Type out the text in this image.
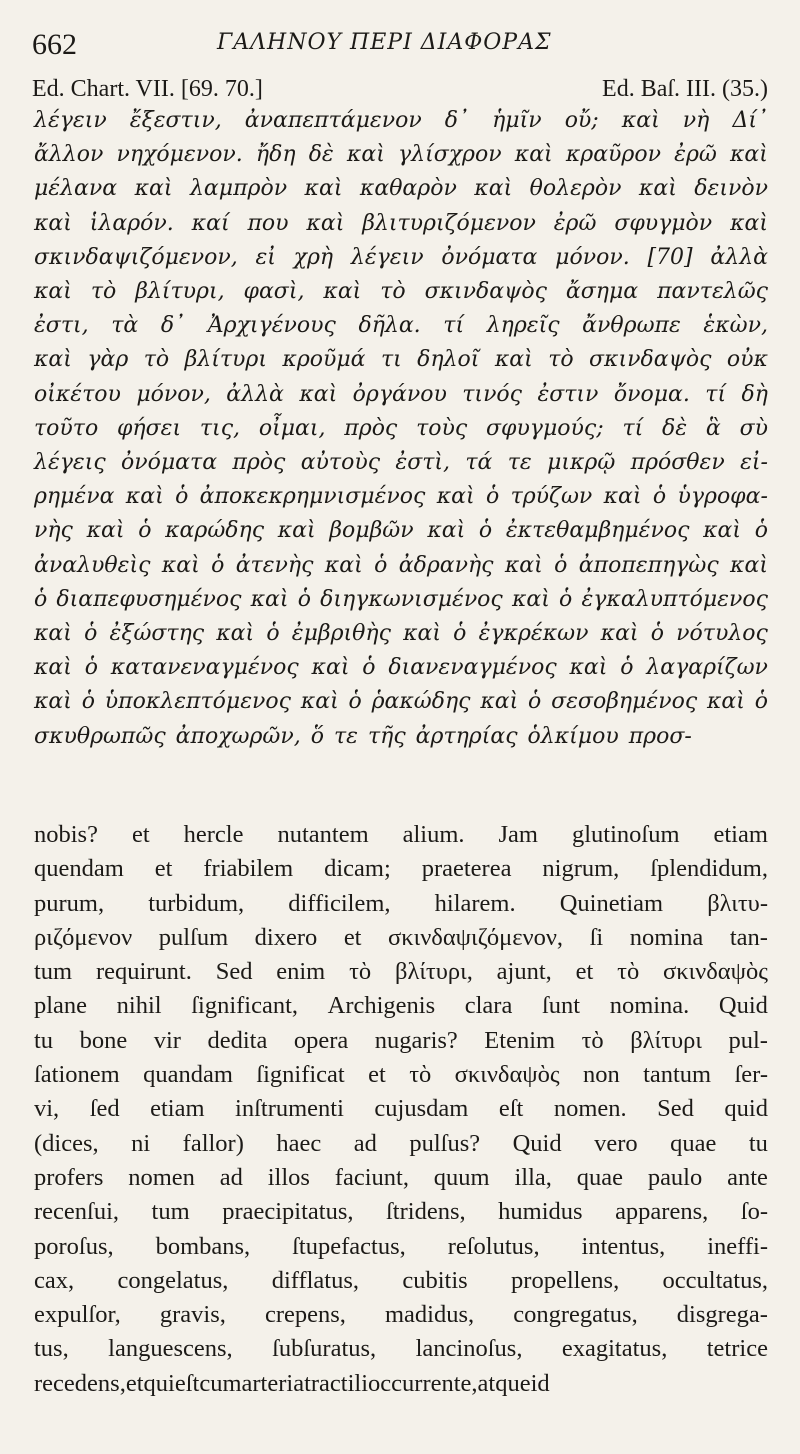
662	ΓΑΛΗΝΟΥ ΠΕΡΙ ΔΙΑΦΟΡΑΣ
Ed. Chart. VII. [69. 70.]	Ed. Baſ. III. (35.)
λέγειν ἔξεστιν, ἀναπεπτάμενον δ᾽ ἡμῖν οὔ; καὶ νὴ Δί᾽
ἄλλον νηχόμενον. ἤδη δὲ καὶ γλίσχρον καὶ κραῦρον ἐρῶ καὶ
μέλανα καὶ λαμπρὸν καὶ καθαρὸν καὶ θολερὸν καὶ δεινὸν
καὶ ἱλαρόν. καί που καὶ βλιτυριζόμενον ἐρῶ σφυγμὸν καὶ
σκινδαψιζόμενον, εἰ χρὴ λέγειν ὀνόματα μόνον. [70] ἀλλὰ
καὶ τὸ βλίτυρι, φασὶ, καὶ τὸ σκινδαψὸς ἄσημα παντελῶς
ἐστι, τὰ δ᾽ Ἀρχιγένους δῆλα. τί ληρεῖς ἄνθρωπε ἑκὼν,
καὶ γὰρ τὸ βλίτυρι κροῦμά τι δηλοῖ καὶ τὸ σκινδαψὸς οὐκ
οἰκέτου μόνον, ἀλλὰ καὶ ὀργάνου τινός ἐστιν ὄνομα. τί δὴ
τοῦτο φήσει τις, οἶμαι, πρὸς τοὺς σφυγμούς; τί δὲ ἃ σὺ
λέγεις ὀνόματα πρὸς αὐτοὺς ἐστὶ, τά τε μικρῷ πρόσθεν εἰ-
ρημένα καὶ ὁ ἀποκεκρημνισμένος καὶ ὁ τρύζων καὶ ὁ ὑγροφα-
νὴς καὶ ὁ καρώδης καὶ βομβῶν καὶ ὁ ἐκτεθαμβημένος καὶ ὁ
ἀναλυθεὶς καὶ ὁ ἀτενὴς καὶ ὁ ἀδρανὴς καὶ ὁ ἀποπεπηγὼς καὶ
ὁ διαπεφυσημένος καὶ ὁ διηγκωνισμένος καὶ ὁ ἐγκαλυπτόμενος
καὶ ὁ ἐξώστης καὶ ὁ ἐμβριθὴς καὶ ὁ ἐγκρέκων καὶ ὁ νότυλος
καὶ ὁ κατανεναγμένος καὶ ὁ διανεναγμένος καὶ ὁ λαγαρίζων
καὶ ὁ ὑποκλεπτόμενος καὶ ὁ ῥακώδης καὶ ὁ σεσοβημένος καὶ ὁ
σκυθρωπῶς ἀποχωρῶν, ὅ τε τῆς ἀρτηρίας ὁλκίμου προσ-
nobis? et hercle nutantem alium. Jam glutinoſum etiam
quendam et friabilem dicam; praeterea nigrum, ſplendidum,
purum, turbidum, difficilem, hilarem. Quinetiam βλιτυ-
ριζόμενον pulſum dixero et σκινδαψιζόμενον, ſi nomina tan-
tum requirunt. Sed enim τὸ βλίτυρι, ajunt, et τὸ σκινδαψὸς
plane nihil ſignificant, Archigenis clara ſunt nomina. Quid
tu bone vir dedita opera nugaris? Etenim τὸ βλίτυρι pul-
ſationem quandam ſignificat et τὸ σκινδαψὸς non tantum ſer-
vi, ſed etiam inſtrumenti cujusdam eſt nomen. Sed quid
(dices, ni fallor) haec ad pulſus? Quid vero quae tu
profers nomen ad illos faciunt, quum illa, quae paulo ante
recenſui, tum praecipitatus, ſtridens, humidus apparens, ſo-
poroſus, bombans, ſtupefactus, reſolutus, intentus, ineffi-
cax, congelatus, difflatus, cubitis propellens, occultatus,
expulſor, gravis, crepens, madidus, congregatus, disgrega-
tus, languescens, ſubſuratus, lancinoſus, exagitatus, tetrice
recedens, et qui eſt cum arteria tractili occurrente, atque id
